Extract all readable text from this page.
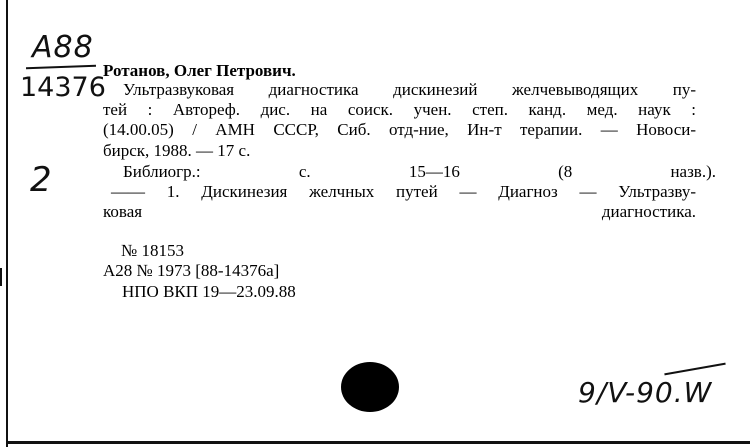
A88
14376
2
Ротанов, Олег Петрович.
Ультразвуковая диагностика дискинезий желчевыводящих пу-
тей : Автореф. дис. на соиск. учен. степ. канд. мед. наук :
(14.00.05) / АМН СССР, Сиб. отд-ние, Ин-т терапии. — Новоси-
бирск, 1988. — 17 с.
Библиогр.: с. 15—16 (8 назв.).
—— 1. Дискинезия желчных путей — Диагноз — Ультразву-
ковая диагностика.
№ 18153
А28 № 1973 [88-14376а]
НПО ВКП 19—23.09.88
9/V-90.W
